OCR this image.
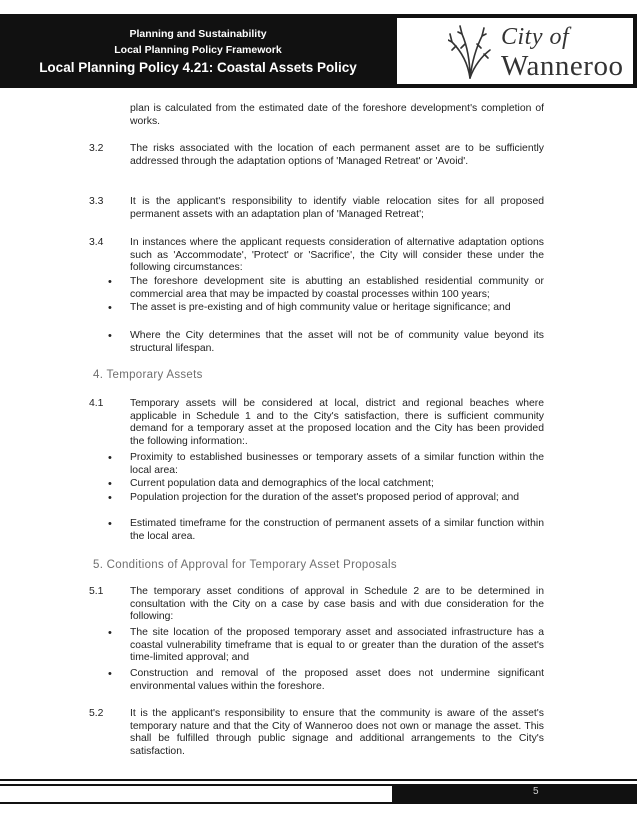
Planning and Sustainability
Local Planning Policy Framework
Local Planning Policy 4.21: Coastal Assets Policy
City of
Wanneroo
plan is calculated from the estimated date of the foreshore development's completion of works.
3.2	The risks associated with the location of each permanent asset are to be sufficiently addressed through the adaptation options of 'Managed Retreat' or 'Avoid'.
3.3	It is the applicant's responsibility to identify viable relocation sites for all proposed permanent assets with an adaptation plan of 'Managed Retreat';
3.4	In instances where the applicant requests consideration of alternative adaptation options such as 'Accommodate', 'Protect' or 'Sacrifice', the City will consider these under the following circumstances:
• The foreshore development site is abutting an established residential community or commercial area that may be impacted by coastal processes within 100 years;
• The asset is pre-existing and of high community value or heritage significance; and
• Where the City determines that the asset will not be of community value beyond its structural lifespan.
4. Temporary Assets
4.1	Temporary assets will be considered at local, district and regional beaches where applicable in Schedule 1 and to the City's satisfaction, there is sufficient community demand for a temporary asset at the proposed location and the City has been provided the following information:.
• Proximity to established businesses or temporary assets of a similar function within the local area:
• Current population data and demographics of the local catchment;
• Population projection for the duration of the asset's proposed period of approval; and
• Estimated timeframe for the construction of permanent assets of a similar function within the local area.
5. Conditions of Approval for Temporary Asset Proposals
5.1	The temporary asset conditions of approval in Schedule 2 are to be determined in consultation with the City on a case by case basis and with due consideration for the following:
• The site location of the proposed temporary asset and associated infrastructure has a coastal vulnerability timeframe that is equal to or greater than the duration of the asset's time-limited approval; and
• Construction and removal of the proposed asset does not undermine significant environmental values within the foreshore.
5.2	It is the applicant's responsibility to ensure that the community is aware of the asset's temporary nature and that the City of Wanneroo does not own or manage the asset. This shall be fulfilled through public signage and additional arrangements to the City's satisfaction.
5
